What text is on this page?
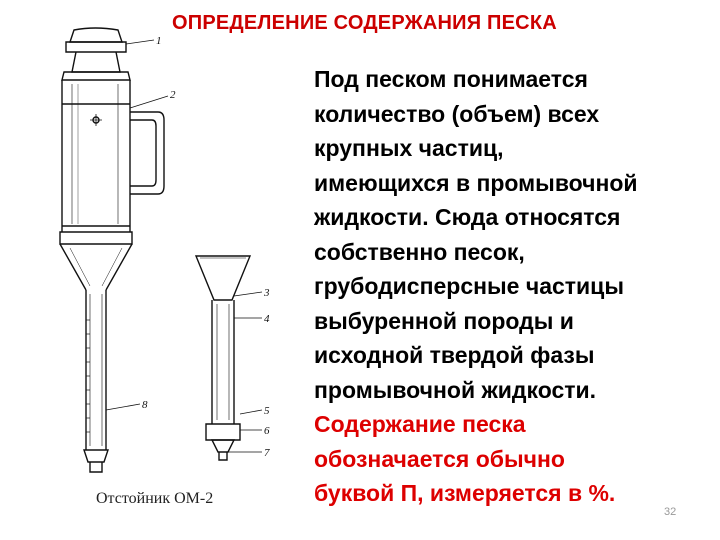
ОПРЕДЕЛЕНИЕ СОДЕРЖАНИЯ ПЕСКА
1
2
3
4
5
6
7
8
Отстойник ОМ-2
Под песком понимается
количество (объем) всех
крупных частиц,
имеющихся в промывочной
жидкости. Сюда относятся
собственно песок,
грубодисперсные частицы
выбуренной породы и
исходной твердой фазы
промывочной жидкости.
Содержание песка
обозначается обычно
буквой П, измеряется в %.
32
